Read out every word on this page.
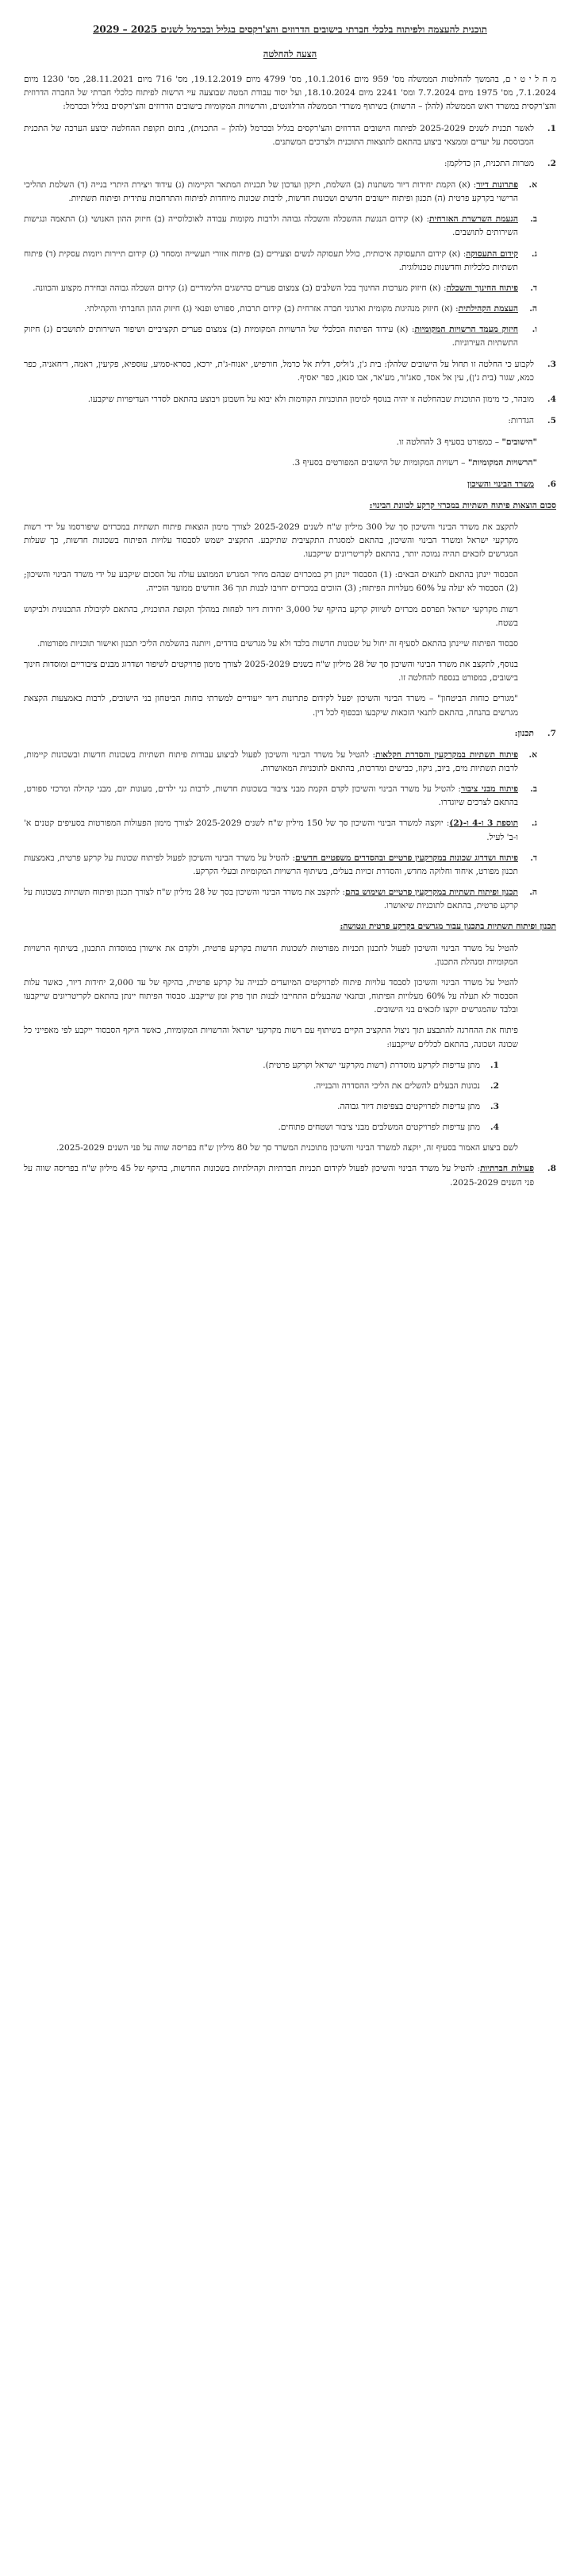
תוכנית להעצמה ולפיתוח בלכלי חברתי בישובים הדרוזים והצ'רקסים בגליל ובכרמל לשנים 2025 – 2029
הצעה להחלטה

מ ח ל י ט י ם, בהמשך להחלטות הממשלה מס' 959 מיום 10.1.2016, מס' 4799 מיום 19.12.2019, מס' 716 מיום 28.11.2021, מס' 1230 מיום 7.1.2024, מס' 1975 מיום 7.7.2024 ומס' 2241 מיום 18.10.2024, ועל יסוד עבודת המטה שבוצעה עיי הרשות לפיתוח כלכלי חברתי של החברה הדרוזית והצ'רקסית במשרד ראש הממשלה (להלן – הרשות) בשיתוף משרדי הממשלה הרלוונטים, והרשויות המקומיות בישובים הדרוזים והצ'רקסים בגליל ובכרמל:

1.
לאשר תכנית לשנים 2025-2029 לפיתוח הישובים הדרוזים והצ'רקסים בגליל ובכרמל (להלן – התכנית), בתום תקופת ההחלטה יבוצע הערכה של התכנית המבוססת על יעדים וממצאי ביצוע בהתאם לתוצאות התוכנית ולצרכים המשתנים.
2.
מטרות התכנית, הן כדלקמן:
א.
פתרונות דיור: (א) הקמת יחידות דיור משתנות (ב) השלמת, תיקון ועדכון של תכניות המתאר הקיימות (ג) עידוד ויצירת היתרי בנייה (ד) השלמת תהליכי הרישוי בקרקע פרטית (ה) תכנון ופיתוח יישובים חדשים ושכונות חדשות, לרבות שכונות מיוחדות לפיתוח והתרחבות עתידית ופיתוח תשתיות.
ב.
הגעמת השרשרת האזרחית: (א) קידום הנגשת ההשכלה והשכלה גבוהה ולרבות מקומות עבודה לאוכלוסייה (ב) חיזוק ההון האנושי (ג) התאמה ונגישות השירותים לתושבים.
ג.
קידום התעסוקה: (א) קידום התעסוקה איכותית, כולל תעסוקה לנשים וצעירים (ב) פיתוח אזורי תעשייה ומסחר (ג) קידום תיירות ויזמות עסקית (ד) פיתוח תשתיות כלכליות וחדשנות טכנולוגית.
ד.
פיתוח החינוך והשכלה: (א) חיזוק מערכות החינוך בכל השלבים (ב) צמצום פערים בהישגים הלימודיים (ג) קידום השכלה גבוהה ובחירת מקצוע והכוונה.
ה.
העצמת הקהילתית: (א) חיזוק מנהיגות מקומית וארגוני חברה אזרחית (ב) קידום תרבות, ספורט ופנאי (ג) חיזוק ההון החברתי והקהילתי.
ו.
חיזוק מעמד הרשויות המקומיות: (א) עידוד הפיתוח הכלכלי של הרשויות המקומיות (ב) צמצום פערים תקציביים ושיפור השירותים לתושבים (ג) חיזוק התשתיות העירוניות.
3.
לקבוע כי החלטה זו תחול על הישובים שלהלן: בית ג'ן, ג'וליס, דלית אל כרמל, חורפיש, יאנוח-ג'ת, ירכא, כסרא-סמיע, עוספיא, פקיעין, ראמה, ריחאניה, כפר כמא, שגור (בית ג'ן), עין אל אסד, סאג'ור, מע'אר, אבו סנאן, כפר יאסיף.
4.
מובהר, כי מימון התוכנית שבהחלטה זו יהיה בנוסף למימון התוכניות הקודמות ולא יבוא על חשבונן ויבוצע בהתאם לסדרי העדיפויות שיקבעו.
5.
הגדרות:
"הישובים" – כמפורט בסעיף 3 להחלטה זו.
"הרשויות המקומיות" – רשויות המקומיות של הישובים המפורטים בסעיף 3.
6.
משרד הבינוי והשיכון
סכום הוצאות פיתוח תשתיות במכרזי קרקע לכוונת הבינוי:
לתקצב את משרד הבינוי והשיכון סך של 300 מיליון ש"ח לשנים 2025-2029 לצורך מימון הוצאות פיתוח תשתיות במכרזים שיפורסמו על ידי רשות מקרקעי ישראל ומשרד הבינוי והשיכון, בהתאם למסגרת התקציבית שתיקבע. התקציב ישמש לסבסוד עלויות הפיתוח בשכונות חדשות, כך שעלות המגרשים לזכאים תהיה נמוכה יותר, בהתאם לקריטריונים שייקבעו.
הסבסוד יינתן בהתאם לתנאים הבאים: (1) הסבסוד יינתן רק במכרזים שבהם מחיר המגרש הממוצע עולה על הסכום שיקבע על ידי משרד הבינוי והשיכון; (2) הסבסוד לא יעלה על 60% מעלויות הפיתוח; (3) הזוכים במכרזים יחויבו לבנות תוך 36 חודשים ממועד הזכייה.
רשות מקרקעי ישראל תפרסם מכרזים לשיווק קרקע בהיקף של 3,000 יחידות דיור לפחות במהלך תקופת התוכנית, בהתאם לקיבולת התכנונית ולביקוש בשטח.
סבסוד הפיתוח שיינתן בהתאם לסעיף זה יחול על שכונות חדשות בלבד ולא על מגרשים בודדים, ויותנה בהשלמת הליכי תכנון ואישור תוכניות מפורטות.
בנוסף, לתקצב את משרד הבינוי והשיכון סך של 28 מיליון ש"ח בשנים 2025-2029 לצורך מימון פרויקטים לשיפור ושדרוג מבנים ציבוריים ומוסדות חינוך בישובים, כמפורט בנספח להחלטה זו.
"מגורים כוחות הביטחון" – משרד הבינוי והשיכון יפעל לקידום פתרונות דיור ייעודיים למשרתי כוחות הביטחון בני הישובים, לרבות באמצעות הקצאת מגרשים בהנחה, בהתאם לתנאי הזכאות שיקבעו ובכפוף לכל דין.
7.
תכנון:
א.
פיתוח תשתיות במקרקעין והסדרת חקלאות: להטיל על משרד הבינוי והשיכון לפעול לביצוע עבודות פיתוח תשתיות בשכונות חדשות ובשכונות קיימות, לרבות תשתיות מים, ביוב, ניקוז, כבישים ומדרכות, בהתאם לתוכניות המאושרות.
ב.
פיתוח מבני ציבור: להטיל על משרד הבינוי והשיכון לקדם הקמת מבני ציבור בשכונות חדשות, לרבות גני ילדים, מעונות יום, מבני קהילה ומרכזי ספורט, בהתאם לצרכים שיוגדרו.
ג.
תוספת 3 ו-4 ו-(2): יוקצה למשרד הבינוי והשיכון סך של 150 מיליון ש"ח לשנים 2025-2029 לצורך מימון הפעולות המפורטות בסעיפים קטנים א' ו-ב' לעיל.
ד.
פיתוח ושדרוג שכונות במקרקעין פרטיים ובהסדרים משפטיים חדשים: להטיל על משרד הבינוי והשיכון לפעול לפיתוח שכונות על קרקע פרטית, באמצעות תכנון מפורט, איחוד וחלוקה מחדש, והסדרת זכויות בעלים, בשיתוף הרשויות המקומיות ובעלי הקרקע.
ה.
תכנון ופיתוח תשתיות במקרקעין פרטיים ושימוש בהם: לתקצב את משרד הבינוי והשיכון בסך של 28 מיליון ש"ח לצורך תכנון ופיתוח תשתיות בשכונות על קרקע פרטית, בהתאם לתוכניות שיאושרו.
תכנון ופיתוח תשתיות בתכנון עבור מגרשים בקרקע פרטית ונטושה:
להטיל על משרד הבינוי והשיכון לפעול לתכנון תכניות מפורטות לשכונות חדשות בקרקע פרטית, ולקדם את אישורן במוסדות התכנון, בשיתוף הרשויות המקומיות ומנהלת התכנון.
להטיל על משרד הבינוי והשיכון לסבסד עלויות פיתוח לפרויקטים המיועדים לבנייה על קרקע פרטית, בהיקף של עד 2,000 יחידות דיור, כאשר עלות הסבסוד לא תעלה על 60% מעלויות הפיתוח, ובתנאי שהבעלים התחייבו לבנות תוך פרק זמן שייקבע. סבסוד הפיתוח יינתן בהתאם לקריטריונים שייקבעו ובלבד שהמגרשים יוקצו לזכאים בני הישובים.
פיתוח את ההחרגה להתבצע תוך ניצול התקציב הקיים בשיתוף עם רשות מקרקעי ישראל והרשויות המקומיות, כאשר היקף הסבסוד ייקבע לפי מאפייני כל שכונה ושכונה, בהתאם לכללים שייקבעו:
1.
מתן עדיפות לקרקע מוסדרת (רשות מקרקעי ישראל וקרקע פרטית).
2.
נכונות הבעלים להשלים את הליכי ההסדרה והבנייה.
3.
מתן עדיפות לפרויקטים בצפיפות דיור גבוהה.
4.
מתן עדיפות לפרויקטים המשלבים מבני ציבור ושטחים פתוחים.
לשם ביצוע האמור בסעיף זה, יוקצה למשרד הבינוי והשיכון מתוכנית המשרד סך של 80 מיליון ש"ח בפריסה שווה על פני השנים 2025-2029.
8.
פעולות חברתיות: להטיל על משרד הבינוי והשיכון לפעול לקידום תכניות חברתיות וקהילתיות בשכונות החדשות, בהיקף של 45 מיליון ש"ח בפריסה שווה על פני השנים 2025-2029.
